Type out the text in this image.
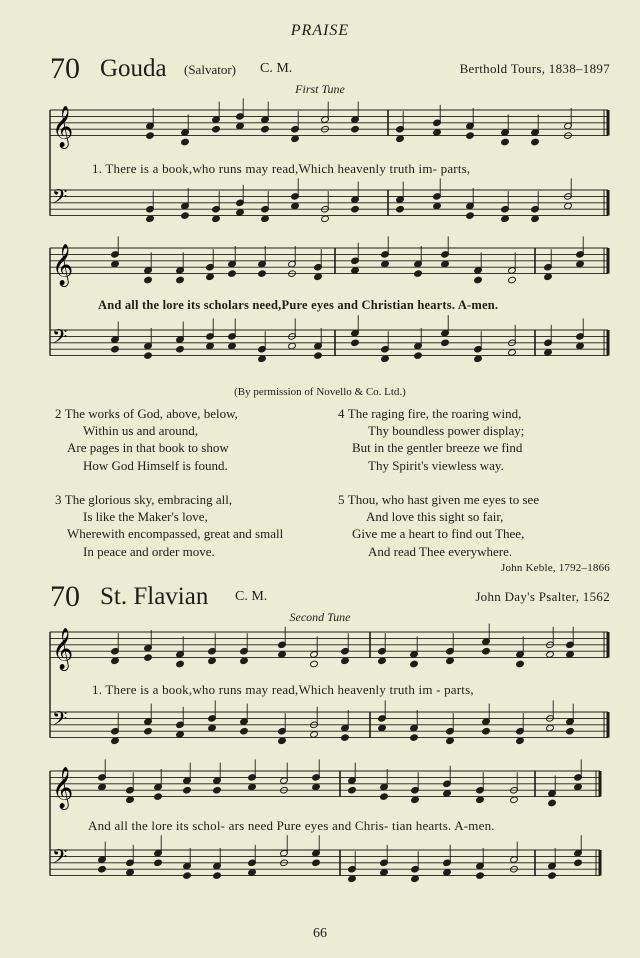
PRAISE
70 Gouda (Salvator) C. M.	Berthold Tours, 1838–1897
First Tune
𝄞
𝄢
𝄞
𝄢
𝄞
𝄢
𝄞
𝄢
1. There is a book,who runs may read,Which heavenly truth im- parts,
And all the lore its scholars need,Pure eyes and Christian hearts. A-men.
(By permission of Novello & Co. Ltd.)
2 The works of God, above, below,
Within us and around,
Are pages in that book to show
How God Himself is found.
4 The raging fire, the roaring wind,
Thy boundless power display;
But in the gentler breeze we find
Thy Spirit's viewless way.
3 The glorious sky, embracing all,
Is like the Maker's love,
Wherewith encompassed, great and small
In peace and order move.
5 Thou, who hast given me eyes to see
And love this sight so fair,
Give me a heart to find out Thee,
And read Thee everywhere.
John Keble, 1792–1866
70 St. Flavian C. M.	John Day's Psalter, 1562
Second Tune
1. There is a book,who runs may read,Which heavenly truth im - parts,
And all the lore its schol- ars need Pure eyes and Chris- tian hearts. A-men.
66
